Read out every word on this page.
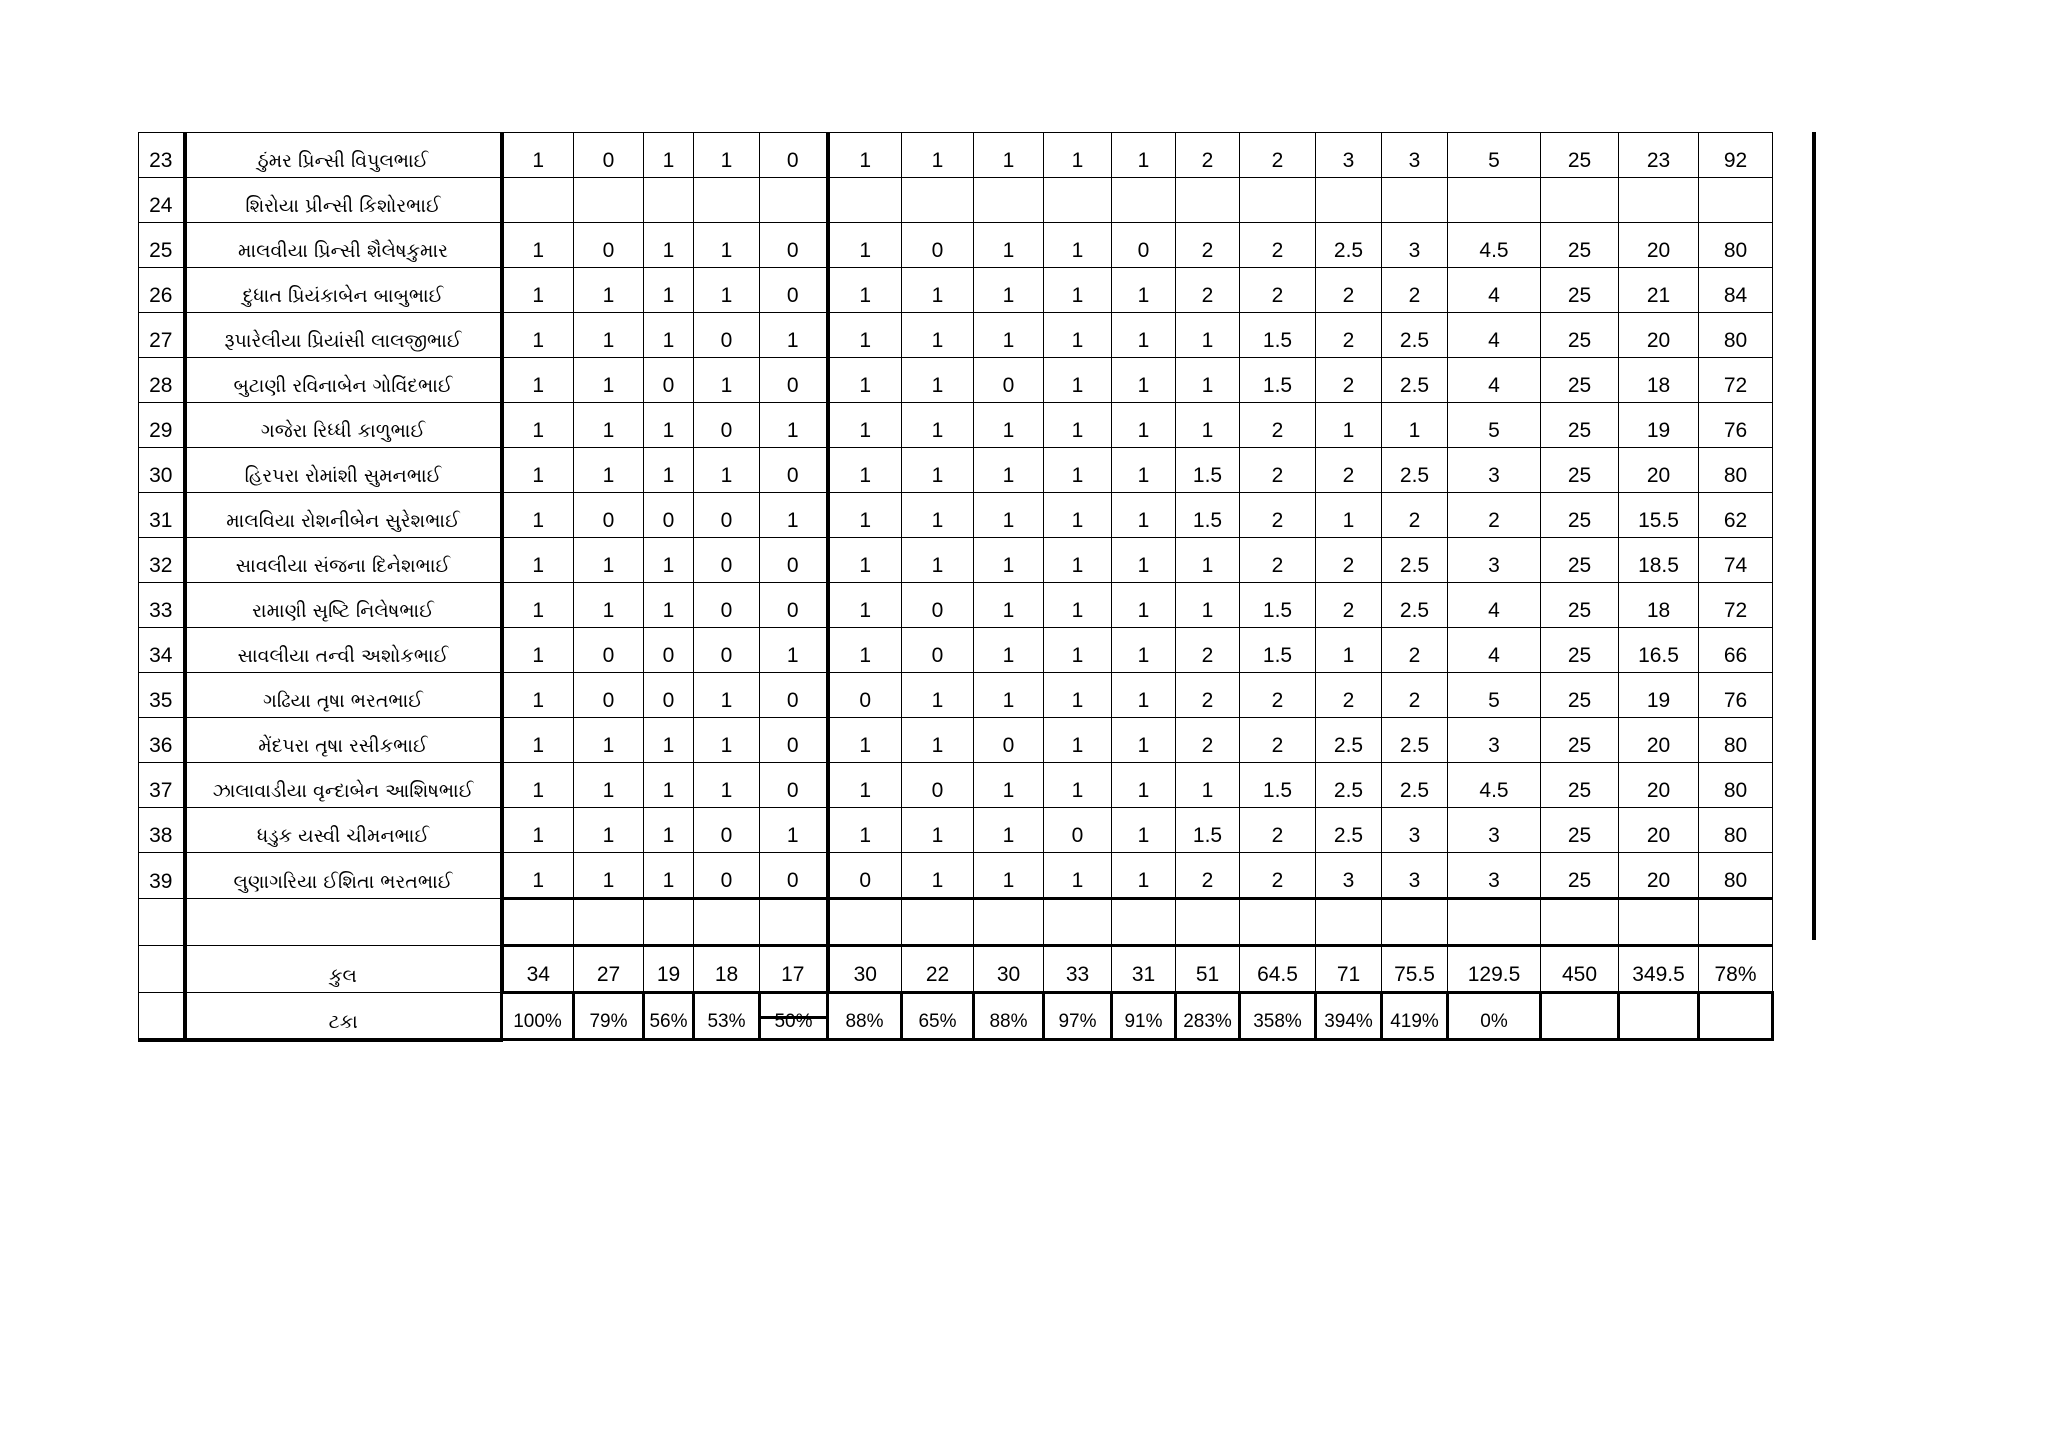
23	ઠુંમર પ્રિન્સી વિપુલભાઈ	1	0	1	1	0	1	1	1	1	1	2	2	3	3	5	25	23	92
24	શિરોયા પ્રીન્સી કિશોરભાઈ																		
25	માલવીયા પ્રિન્સી શૈલેષકુમાર	1	0	1	1	0	1	0	1	1	0	2	2	2.5	3	4.5	25	20	80
26	દુધાત પ્રિયંકાબેન બાબુભાઈ	1	1	1	1	0	1	1	1	1	1	2	2	2	2	4	25	21	84
27	રૂપારેલીયા પ્રિયાંસી લાલજીભાઈ	1	1	1	0	1	1	1	1	1	1	1	1.5	2	2.5	4	25	20	80
28	બુટાણી રવિનાબેન ગોવિંદભાઈ	1	1	0	1	0	1	1	0	1	1	1	1.5	2	2.5	4	25	18	72
29	ગજેરા રિધ્ધી કાળુભાઈ	1	1	1	0	1	1	1	1	1	1	1	2	1	1	5	25	19	76
30	હિરપરા રોમાંશી સુમનભાઈ	1	1	1	1	0	1	1	1	1	1	1.5	2	2	2.5	3	25	20	80
31	માલવિયા રોશનીબેન સુરેશભાઈ	1	0	0	0	1	1	1	1	1	1	1.5	2	1	2	2	25	15.5	62
32	સાવલીયા સંજના દિનેશભાઈ	1	1	1	0	0	1	1	1	1	1	1	2	2	2.5	3	25	18.5	74
33	રામાણી સૃષ્ટિ નિલેષભાઈ	1	1	1	0	0	1	0	1	1	1	1	1.5	2	2.5	4	25	18	72
34	સાવલીયા તન્વી અશોકભાઈ	1	0	0	0	1	1	0	1	1	1	2	1.5	1	2	4	25	16.5	66
35	ગઢિયા તૃષા ભરતભાઈ	1	0	0	1	0	0	1	1	1	1	2	2	2	2	5	25	19	76
36	મેંદપરા તૃષા રસીકભાઈ	1	1	1	1	0	1	1	0	1	1	2	2	2.5	2.5	3	25	20	80
37	ઝાલાવાડીયા વૃન્દાબેન આશિષભાઈ	1	1	1	1	0	1	0	1	1	1	1	1.5	2.5	2.5	4.5	25	20	80
38	ધડુક યસ્વી ચીમનભાઈ	1	1	1	0	1	1	1	1	0	1	1.5	2	2.5	3	3	25	20	80
39	લુણાગરિયા ઈશિતા ભરતભાઈ	1	1	1	0	0	0	1	1	1	1	2	2	3	3	3	25	20	80

	કુલ	34	27	19	18	17	30	22	30	33	31	51	64.5	71	75.5	129.5	450	349.5	78%
	ટકા	100%	79%	56%	53%	50%	88%	65%	88%	97%	91%	283%	358%	394%	419%	0%			
